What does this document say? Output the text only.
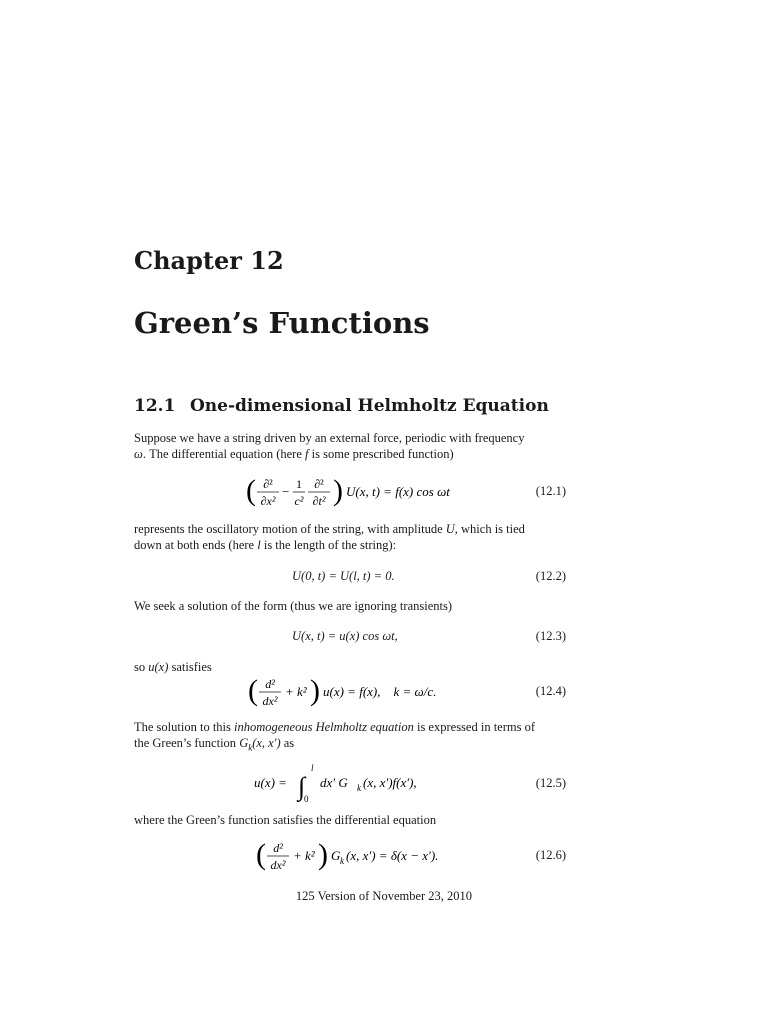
Chapter 12
Green’s Functions
12.1 One-dimensional Helmholtz Equation

Suppose we have a string driven by an external force, periodic with frequency

ω. The differential equation (here f is some prescribed function)

( ∂²
∂x²
− 1
c²
∂²
∂t² ) U(x, t) = f(x) cos ωt	(12.1)

represents the oscillatory motion of the string, with amplitude U, which is tied

down at both ends (here l is the length of the string):

U(0, t) = U(l, t) = 0.	(12.2)

We seek a solution of the form (thus we are ignoring transients)

U(x, t) = u(x) cos ωt,	(12.3)

so u(x) satisfies

( d²
dx²
+ k² ) u(x) = f(x),    k = ω/c.	(12.4)

The solution to this inhomogeneous Helmholtz equation is expressed in terms of

the Green’s function $G_k(x$, x′) as

u(x) = ∫
l
0
dx′ G k (x, x′)f(x′),	(12.5)

where the Green’s function satisfies the differential equation

( d²
dx²
+ k² ) G k (x, x′) = δ(x − x′).	(12.6)
125 Version of November 23, 2010
